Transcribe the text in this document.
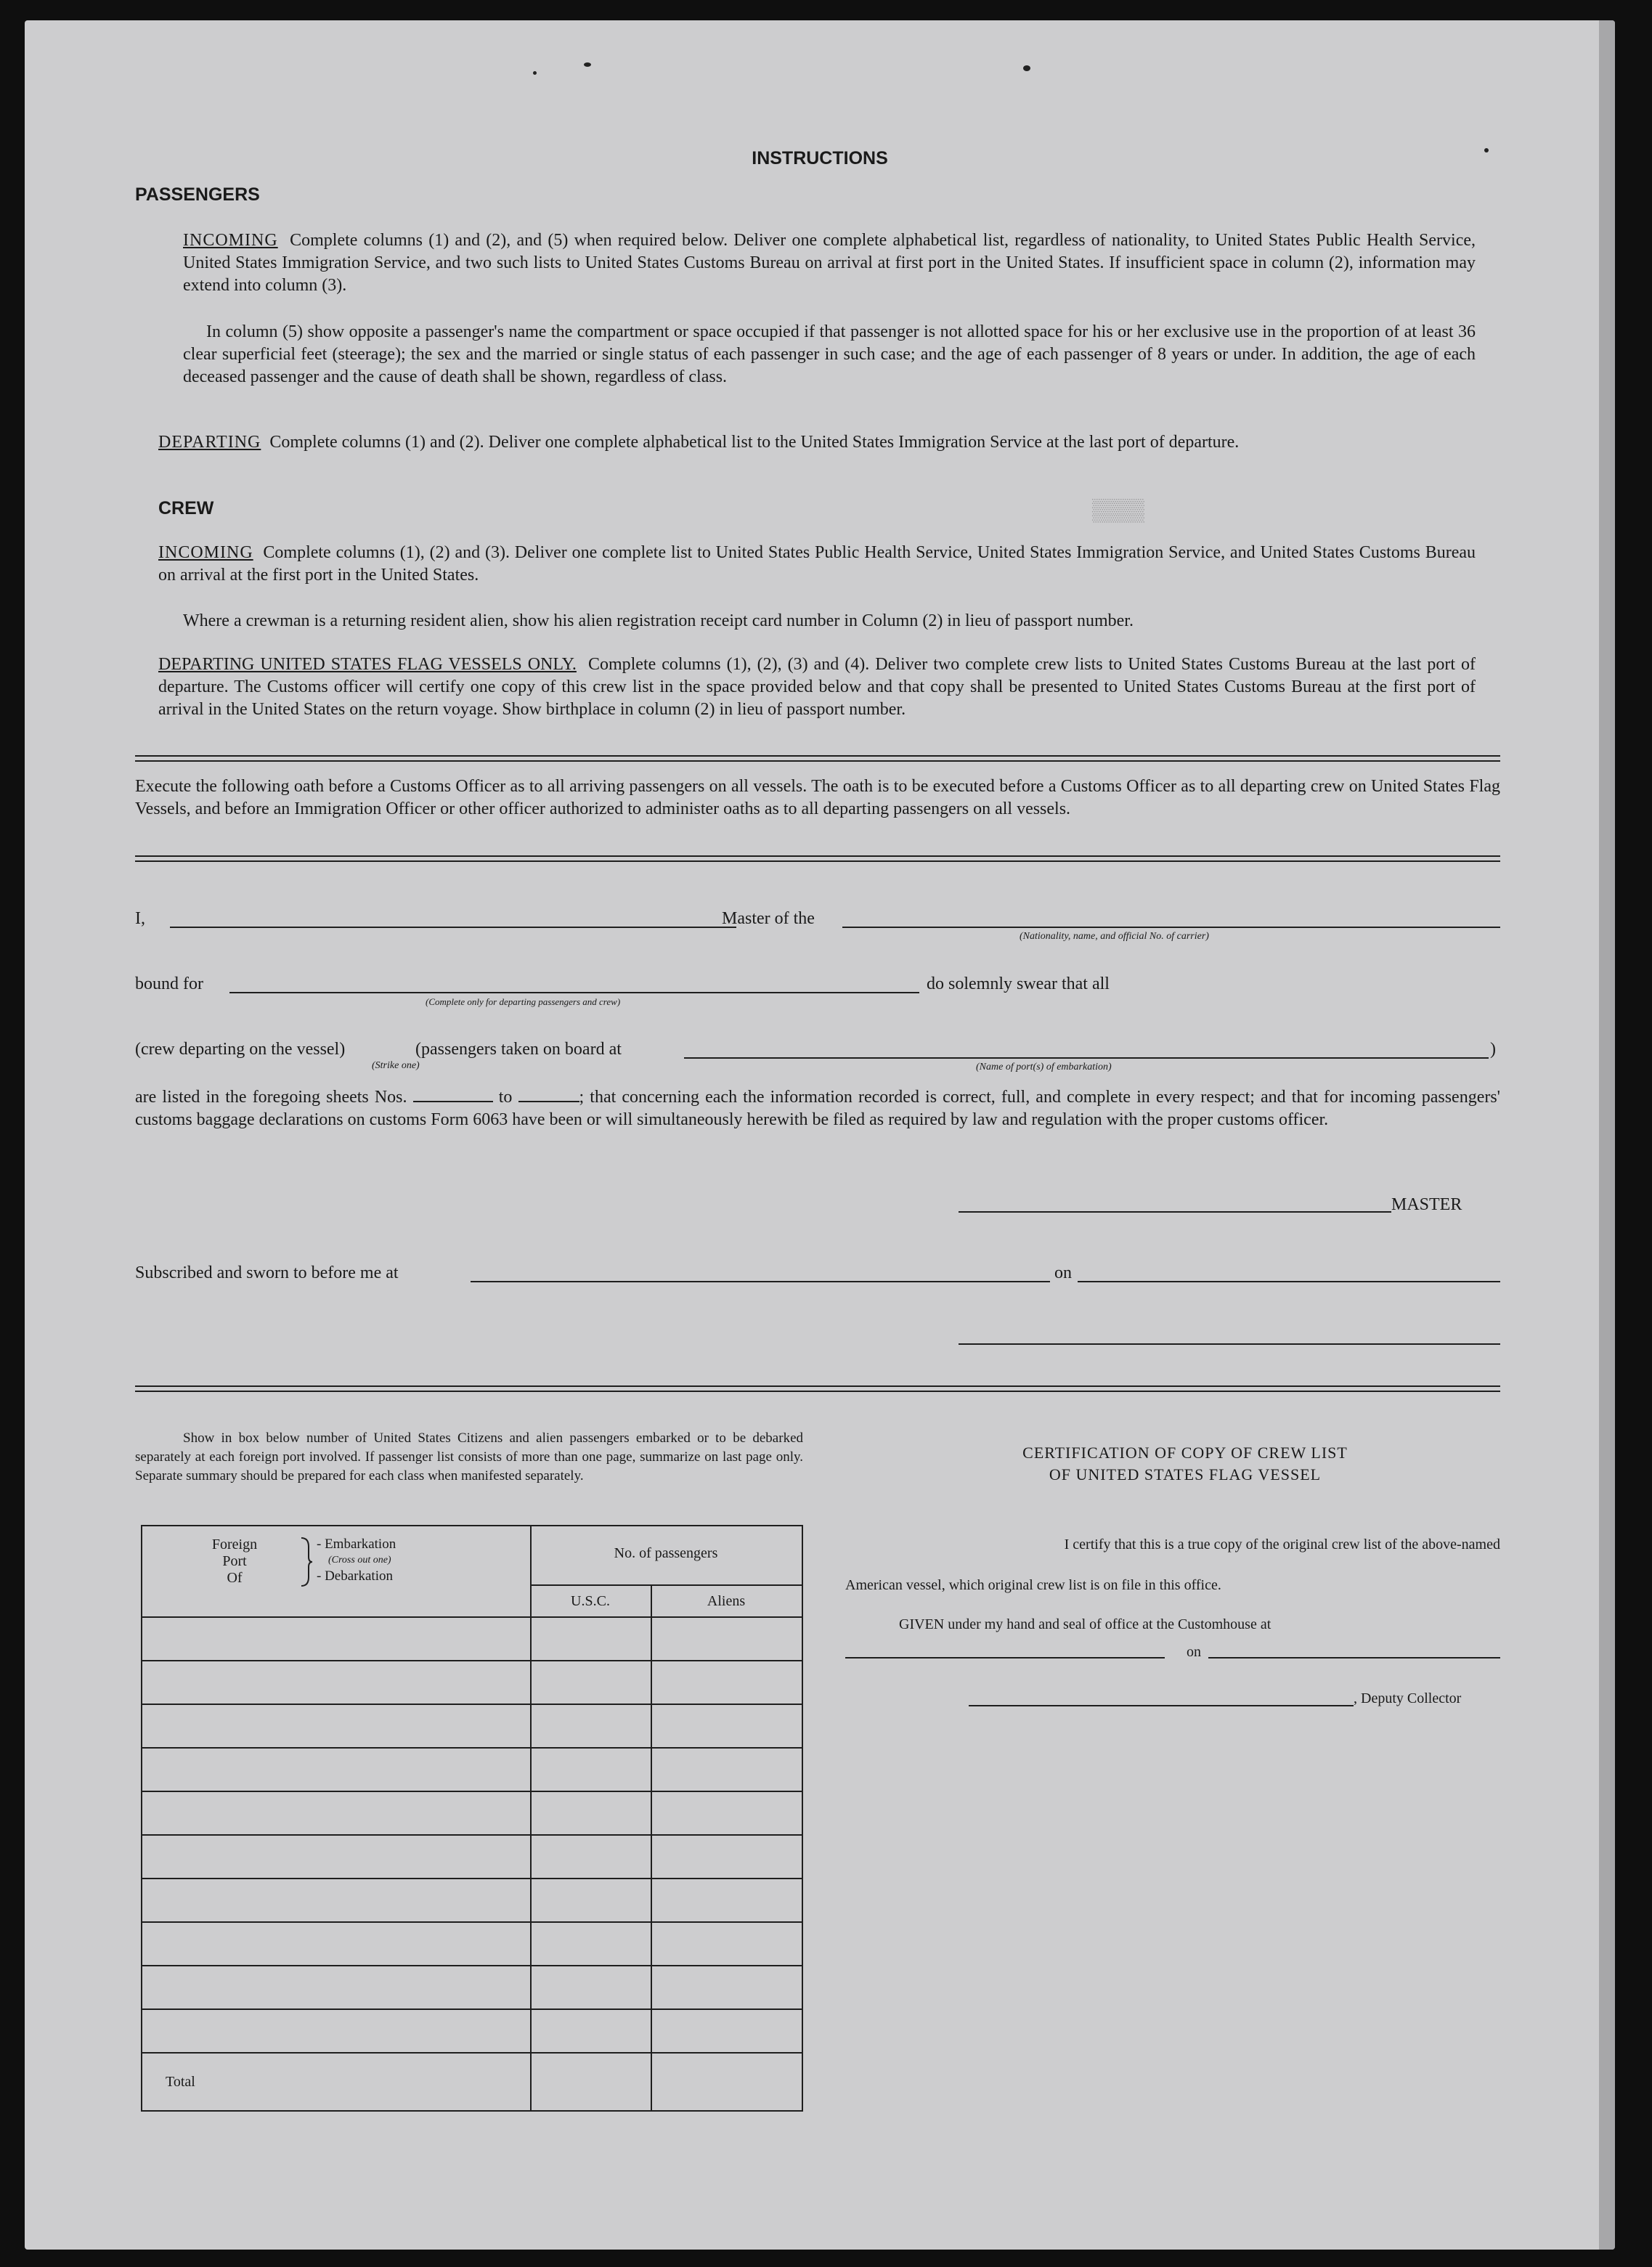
▒▒▒▒
INSTRUCTIONS
PASSENGERS
INCOMING Complete columns (1) and (2), and (5) when required below. Deliver one complete alphabetical list, regardless of nationality, to United States Public Health Service, United States Immigration Service, and two such lists to United States Customs Bureau on arrival at first port in the United States. If insufficient space in column (2), information may extend into column (3).
In column (5) show opposite a passenger's name the compartment or space occupied if that passenger is not allotted space for his or her exclusive use in the proportion of at least 36 clear superficial feet (steerage); the sex and the married or single status of each passenger in such case; and the age of each passenger of 8 years or under. In addition, the age of each deceased passenger and the cause of death shall be shown, regardless of class.
DEPARTING Complete columns (1) and (2). Deliver one complete alphabetical list to the United States Immigration Service at the last port of departure.
CREW
INCOMING Complete columns (1), (2) and (3). Deliver one complete list to United States Public Health Service, United States Immigration Service, and United States Customs Bureau on arrival at the first port in the United States.
Where a crewman is a returning resident alien, show his alien registration receipt card number in Column (2) in lieu of passport number.
DEPARTING UNITED STATES FLAG VESSELS ONLY. Complete columns (1), (2), (3) and (4). Deliver two complete crew lists to United States Customs Bureau at the last port of departure. The Customs officer will certify one copy of this crew list in the space provided below and that copy shall be presented to United States Customs Bureau at the first port of arrival in the United States on the return voyage. Show birthplace in column (2) in lieu of passport number.
Execute the following oath before a Customs Officer as to all arriving passengers on all vessels. The oath is to be executed before a Customs Officer as to all departing crew on United States Flag Vessels, and before an Immigration Officer or other officer authorized to administer oaths as to all departing passengers on all vessels.
I,	Master of the
(Nationality, name, and official No. of carrier)
bound for
(Complete only for departing passengers and crew)
do solemnly swear that all
(crew departing on the vessel)	(passengers taken on board at	)
(Strike one)	(Name of port(s) of embarkation)
are listed in the foregoing sheets Nos.	to	; that concerning each the information recorded is correct, full, and complete in every respect; and that for incoming passengers' customs baggage declarations on customs Form 6063 have been or will simultaneously herewith be filed as required by law and regulation with the proper customs officer.
MASTER
Subscribed and sworn to before me at	on
Show in box below number of United States Citizens and alien passengers embarked or to be debarked separately at each foreign port involved. If passenger list consists of more than one page, summarize on last page only. Separate summary should be prepared for each class when manifested separately.
Foreign
Port
Of
- Embarkation
(Cross out one)
- Debarkation
No. of passengers
U.S.C.	Aliens
Total
CERTIFICATION OF COPY OF CREW LIST
OF UNITED STATES FLAG VESSEL
I certify that this is a true copy of the original crew list of the above-named
American vessel, which original crew list is on file in this office.
GIVEN under my hand and seal of office at the Customhouse at
on
, Deputy Collector
